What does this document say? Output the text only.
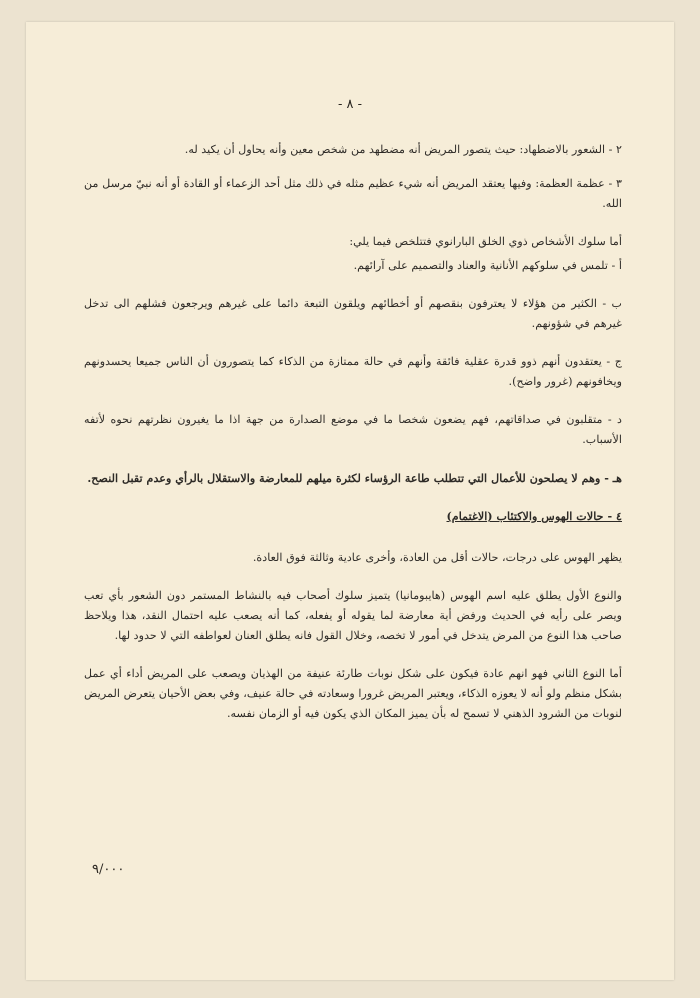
- ٨ -

٢ - الشعور بالاضطهاد: حيث يتصور المريض أنه مضطهد من شخص معين وأنه يحاول أن يكيد له.

٣ - عظمة العظمة: وفيها يعتقد المريض أنه شيء عظيم مثله في ذلك مثل أحد الزعماء أو القادة أو أنه نبيّ مرسل من الله.

أما سلوك الأشخاص ذوي الخلق البارانوي فتتلخص فيما يلي:

أ - تلمس في سلوكهم الأنانية والعناد والتصميم على آرائهم.

ب - الكثير من هؤلاء لا يعترفون بنقصهم أو أخطائهم ويلقون التبعة دائما على غيرهم ويرجعون فشلهم الى تدخل غيرهم في شؤونهم.

ج - يعتقدون أنهم ذوو قدرة عقلية فائقة وأنهم في حالة ممتازة من الذكاء كما يتصورون أن الناس جميعا يحسدونهم ويخافونهم (غرور واضح).

د - متقلبون في صداقاتهم، فهم يضعون شخصا ما في موضع الصدارة من جهة اذا ما يغيرون نظرتهم نحوه لأتفه الأسباب.

هـ - وهم لا يصلحون للأعمال التي تتطلب طاعة الرؤساء لكثرة ميلهم للمعارضة والاستقلال بالرأي وعدم تقبل النصح.

٤ - حالات الهوس والاكتئاب (الاغتمام)

يظهر الهوس على درجات، حالات أقل من العادة، وأخرى عادية وثالثة فوق العادة.

والنوع الأول يطلق عليه اسم الهوس (هايبومانيا) يتميز سلوك أصحاب فيه بالنشاط المستمر دون الشعور بأي تعب ويصر على رأيه في الحديث ورفض أية معارضة لما يقوله أو يفعله، كما أنه يصعب عليه احتمال النقد، هذا ويلاحظ صاحب هذا النوع من المرض يتدخل في أمور لا تخصه، وخلال القول فانه يطلق العنان لعواطفه التي لا حدود لها.

أما النوع الثاني فهو انهم عادة فيكون على شكل نوبات طارئة عنيفة من الهذيان ويصعب على المريض أداء أي عمل بشكل منظم ولو أنه لا يعوزه الذكاء، ويعتبر المريض غرورا وسعادته في حالة عنيف، وفي بعض الأحيان يتعرض المريض لنوبات من الشرود الذهني لا تسمح له بأن يميز المكان الذي يكون فيه أو الزمان نفسه.

٩/٠٠٠
